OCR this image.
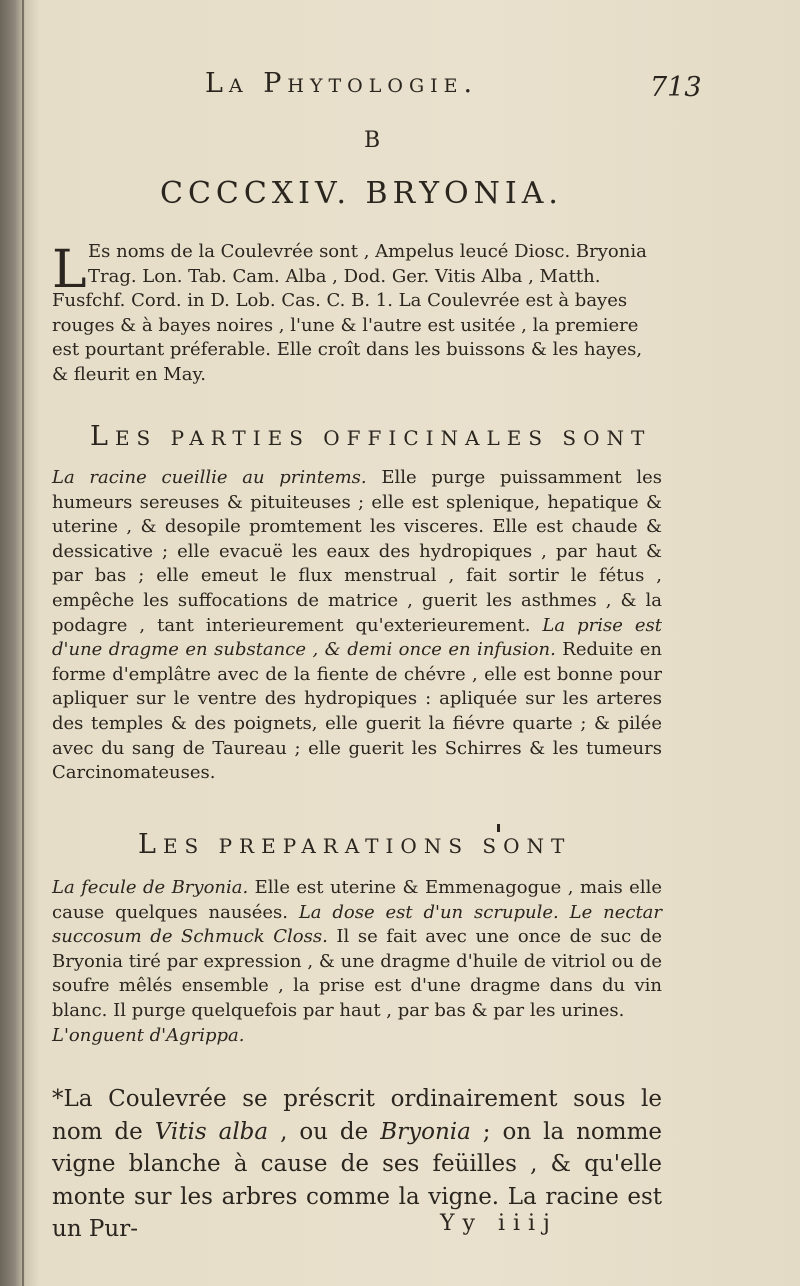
La Phytologie.	713
B
CCCCXIV. BRYONIA.
L Es noms de la Coulevrée sont , Ampelus leucé Diosc. Bryonia
Trag. Lon. Tab. Cam. Alba , Dod. Ger. Vitis Alba , Matth.
Fusfchf. Cord. in D. Lob. Cas. C. B. 1. La Coulevrée est à bayes
rouges & à bayes noires , l'une & l'autre est usitée , la premiere
est pourtant préferable. Elle croît dans les buissons & les hayes,
& fleurit en May.
LES PARTIES OFFICINALES SONT

La racine cueillie au printems. Elle purge puissamment les humeurs sereuses & pituiteuses ; elle est splenique, hepatique & uterine , & desopile promtement les visceres. Elle est chaude & dessicative ; elle evacuë les eaux des hydropiques , par haut & par bas ; elle emeut le flux menstrual , fait sortir le fétus , empêche les suffocations de matrice , guerit les asthmes , & la podagre , tant interieurement qu'exterieurement. La prise est d'une dragme en substance , & demi once en infusion. Reduite en forme d'emplâtre avec de la fiente de chévre , elle est bonne pour apliquer sur le ventre des hydropiques : apliquée sur les arteres des temples & des poignets, elle guerit la fiévre quarte ; & pilée avec du sang de Taureau ; elle guerit les Schirres & les tumeurs Carcinomateuses.

LES PREPARATIONS SONT

La fecule de Bryonia. Elle est uterine & Emmenagogue , mais elle cause quelques nausées. La dose est d'un scrupule. Le nectar succosum de Schmuck Closs. Il se fait avec une once de suc de Bryonia tiré par expression , & une dragme d'huile de vitriol ou de soufre mêlés ensemble , la prise est d'une dragme dans du vin blanc. Il purge quelquefois par haut , par bas & par les urines.

L'onguent d'Agrippa.

*La Coulevrée se préscrit ordinairement sous le nom de Vitis alba , ou de Bryonia ; on la nomme vigne blanche à cause de ses feüilles , & qu'elle monte sur les arbres comme la vigne. La racine est un Pur-	Yy iiij
